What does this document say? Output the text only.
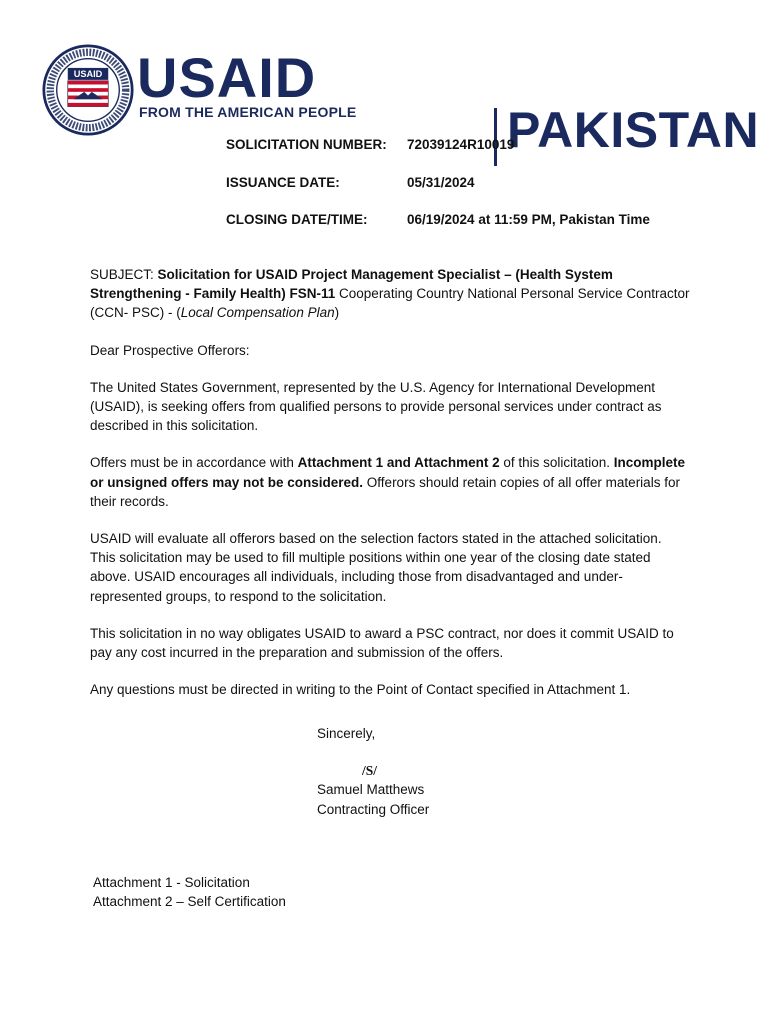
USAID USAID
FROM THE AMERICAN PEOPLE	PAKISTAN
SOLICITATION NUMBER: 72039124R10019
ISSUANCE DATE:	05/31/2024
CLOSING DATE/TIME:	06/19/2024 at 11:59 PM, Pakistan Time

SUBJECT: Solicitation for USAID Project Management Specialist – (Health System Strengthening - Family Health) FSN-11 Cooperating Country National Personal Service Contractor (CCN- PSC) - (Local Compensation Plan)

Dear Prospective Offerors:

The United States Government, represented by the U.S. Agency for International Development (USAID), is seeking offers from qualified persons to provide personal services under contract as described in this solicitation.

Offers must be in accordance with Attachment 1 and Attachment 2 of this solicitation. Incomplete or unsigned offers may not be considered. Offerors should retain copies of all offer materials for their records.

USAID will evaluate all offerors based on the selection factors stated in the attached solicitation. This solicitation may be used to fill multiple positions within one year of the closing date stated above. USAID encourages all individuals, including those from disadvantaged and under-represented groups, to respond to the solicitation.

This solicitation in no way obligates USAID to award a PSC contract, nor does it commit USAID to pay any cost incurred in the preparation and submission of the offers.

Any questions must be directed in writing to the Point of Contact specified in Attachment 1.

Sincerely,
/S/
Samuel Matthews
Contracting Officer
Attachment 1 - Solicitation
Attachment 2 – Self Certification
